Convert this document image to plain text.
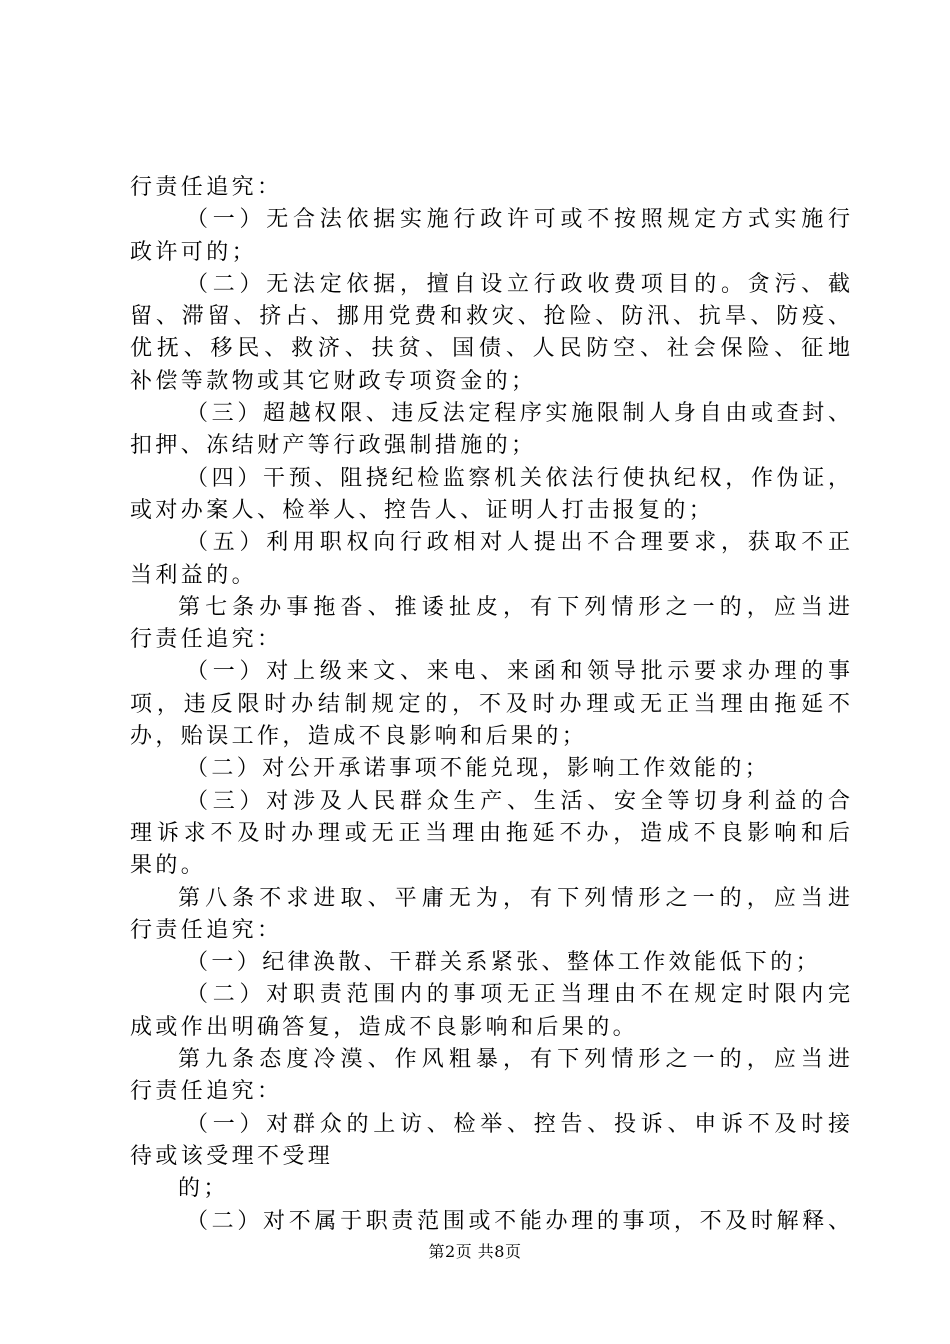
行责任追究：
（一）无合法依据实施行政许可或不按照规定方式实施行
政许可的；
（二）无法定依据，擅自设立行政收费项目的。贪污、截
留、滞留、挤占、挪用党费和救灾、抢险、防汛、抗旱、防疫、
优抚、移民、救济、扶贫、国债、人民防空、社会保险、征地
补偿等款物或其它财政专项资金的；
（三）超越权限、违反法定程序实施限制人身自由或查封、
扣押、冻结财产等行政强制措施的；
（四）干预、阻挠纪检监察机关依法行使执纪权，作伪证，
或对办案人、检举人、控告人、证明人打击报复的；
（五）利用职权向行政相对人提出不合理要求，获取不正
当利益的。
第七条办事拖沓、推诿扯皮，有下列情形之一的，应当进
行责任追究：
（一）对上级来文、来电、来函和领导批示要求办理的事
项，违反限时办结制规定的，不及时办理或无正当理由拖延不
办，贻误工作，造成不良影响和后果的；
（二）对公开承诺事项不能兑现，影响工作效能的；
（三）对涉及人民群众生产、生活、安全等切身利益的合
理诉求不及时办理或无正当理由拖延不办，造成不良影响和后
果的。
第八条不求进取、平庸无为，有下列情形之一的，应当进
行责任追究：
（一）纪律涣散、干群关系紧张、整体工作效能低下的；
（二）对职责范围内的事项无正当理由不在规定时限内完
成或作出明确答复，造成不良影响和后果的。
第九条态度冷漠、作风粗暴，有下列情形之一的，应当进
行责任追究：
（一）对群众的上访、检举、控告、投诉、申诉不及时接
待或该受理不受理
的；
（二）对不属于职责范围或不能办理的事项，不及时解释、
第2页 共8页
